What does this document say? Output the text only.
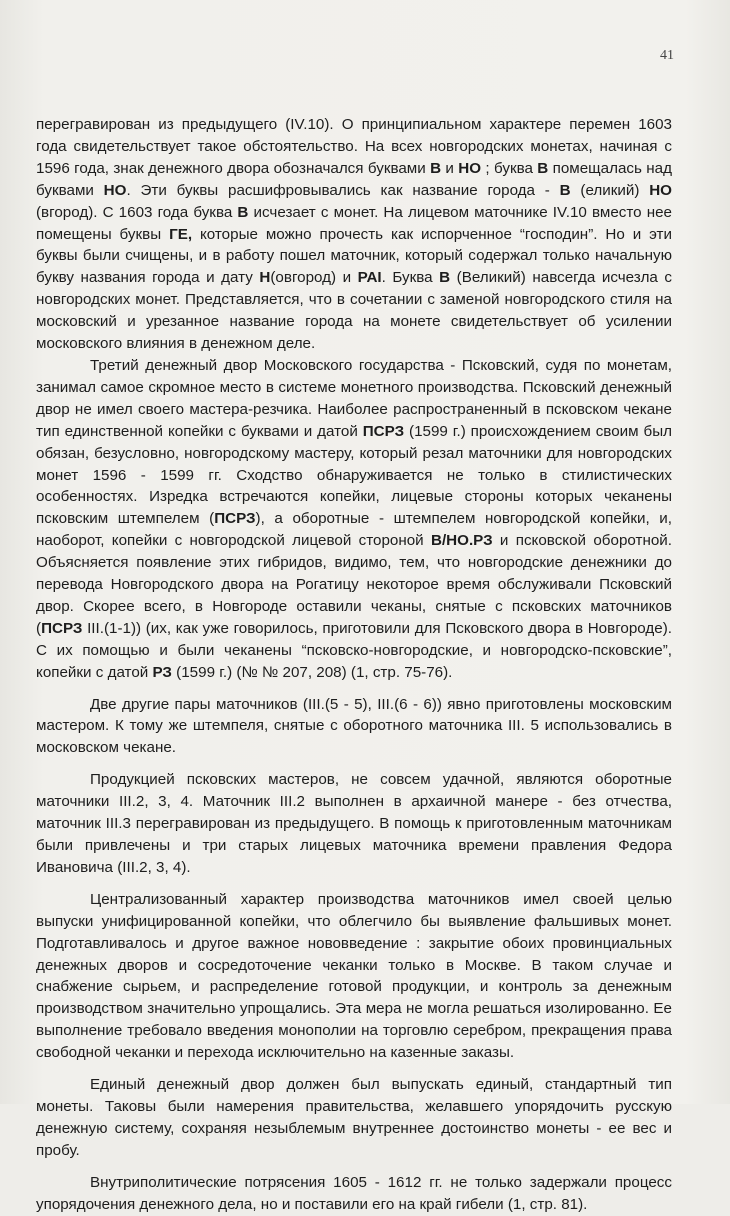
41

перегравирован из предыдущего (IV.10). О принципиальном характере перемен 1603 года свидетельствует такое обстоятельство. На всех новгородских монетах, начиная с 1596 года, знак денежного двора обозначался буквами В и НО ; буква В помещалась над буквами НО. Эти буквы расшифровывались как название города - В (еликий) НО (вгород). С 1603 года буква В исчезает с монет. На лицевом маточнике IV.10 вместо нее помещены буквы ГЕ, которые можно прочесть как испорченное “господин”. Но и эти буквы были счищены, и в работу пошел маточник, который содержал только начальную букву названия города и дату Н(овгород) и РАI. Буква В (Великий) навсегда исчезла с новгородских монет. Представляется, что в сочетании с заменой новгородского стиля на московский и урезанное название города на монете свидетельствует об усилении московского влияния в денежном деле.

Третий денежный двор Московского государства - Псковский, судя по монетам, занимал самое скромное место в системе монетного производства. Псковский денежный двор не имел своего мастера-резчика. Наиболее распространенный в псковском чекане тип единственной копейки с буквами и датой ПСРЗ (1599 г.) происхождением своим был обязан, безусловно, новгородскому мастеру, который резал маточники для новгородских монет 1596 - 1599 гг. Сходство обнаруживается не только в стилистических особенностях. Изредка встречаются копейки, лицевые стороны которых чеканены псковским штемпелем (ПСРЗ), а оборотные - штемпелем новгородской копейки, и, наоборот, копейки с новгородской лицевой стороной В/НО.РЗ и псковской оборотной. Объясняется появление этих гибридов, видимо, тем, что новгородские денежники до перевода Новгородского двора на Рогатицу некоторое время обслуживали Псковский двор. Скорее всего, в Новгороде оставили чеканы, снятые с псковских маточников (ПСРЗ III.(1-1)) (их, как уже говорилось, приготовили для Псковского двора в Новгороде). С их помощью и были чеканены “псковско-новгородские, и новгородско-псковские”, копейки с датой РЗ (1599 г.) (№ № 207, 208) (1, стр. 75-76).

Две другие пары маточников (III.(5 - 5), III.(6 - 6)) явно приготовлены московским мастером. К тому же штемпеля, снятые с оборотного маточника III. 5 использовались в московском чекане.

Продукцией псковских мастеров, не совсем удачной, являются оборотные маточники III.2, 3, 4. Маточник III.2 выполнен в архаичной манере - без отчества, маточник III.3 перегравирован из предыдущего. В помощь к приготовленным маточникам были привлечены и три старых лицевых маточника времени правления Федора Ивановича (III.2, 3, 4).

Централизованный характер производства маточников имел своей целью выпуски унифицированной копейки, что облегчило бы выявление фальшивых монет. Подготавливалось и другое важное нововведение : закрытие обоих провинциальных денежных дворов и сосредоточение чеканки только в Москве. В таком случае и снабжение сырьем, и распределение готовой продукции, и контроль за денежным производством значительно упрощались. Эта мера не могла решаться изолированно. Ее выполнение требовало введения монополии на торговлю серебром, прекращения права свободной чеканки и перехода исключительно на казенные заказы.

Единый денежный двор должен был выпускать единый, стандартный тип монеты. Таковы были намерения правительства, желавшего упорядочить русскую денежную систему, сохраняя незыблемым внутреннее достоинство монеты - ее вес и пробу.

Внутриполитические потрясения 1605 - 1612 гг. не только задержали процесс упорядочения денежного дела, но и поставили его на край гибели (1, стр. 81).
